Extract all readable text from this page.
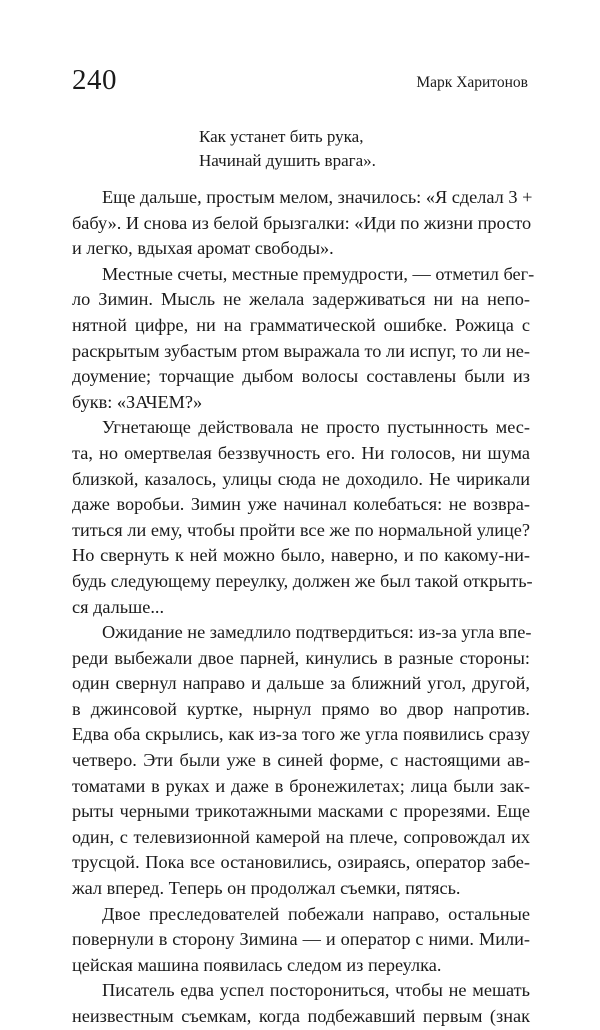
240	Марк Харитонов
Как устанет бить рука,
Начинай душить врага».
Еще дальше, простым мелом, значилось: «Я сделал 3 +
бабу». И снова из белой брызгалки: «Иди по жизни просто
и легко, вдыхая аромат свободы».
Местные счеты, местные премудрости, — отметил бег-
ло Зимин. Мысль не желала задерживаться ни на непо-
нятной цифре, ни на грамматической ошибке. Рожица с
раскрытым зубастым ртом выражала то ли испуг, то ли не-
доумение; торчащие дыбом волосы составлены были из
букв: «ЗАЧЕМ?»
Угнетающе действовала не просто пустынность мес-
та, но омертвелая беззвучность его. Ни голосов, ни шума
близкой, казалось, улицы сюда не доходило. Не чирикали
даже воробьи. Зимин уже начинал колебаться: не возвра-
титься ли ему, чтобы пройти все же по нормальной улице?
Но свернуть к ней можно было, наверно, и по какому-ни-
будь следующему переулку, должен же был такой открыть-
ся дальше...
Ожидание не замедлило подтвердиться: из-за угла впе-
реди выбежали двое парней, кинулись в разные стороны:
один свернул направо и дальше за ближний угол, другой,
в джинсовой куртке, нырнул прямо во двор напротив.
Едва оба скрылись, как из-за того же угла появились сразу
четверо. Эти были уже в синей форме, с настоящими ав-
томатами в руках и даже в бронежилетах; лица были зак-
рыты черными трикотажными масками с прорезями. Еще
один, с телевизионной камерой на плече, сопровождал их
трусцой. Пока все остановились, озираясь, оператор забе-
жал вперед. Теперь он продолжал съемки, пятясь.
Двое преследователей побежали направо, остальные
повернули в сторону Зимина — и оператор с ними. Мили-
цейская машина появилась следом из переулка.
Писатель едва успел посторониться, чтобы не мешать
неизвестным съемкам, когда подбежавший первым (знак
